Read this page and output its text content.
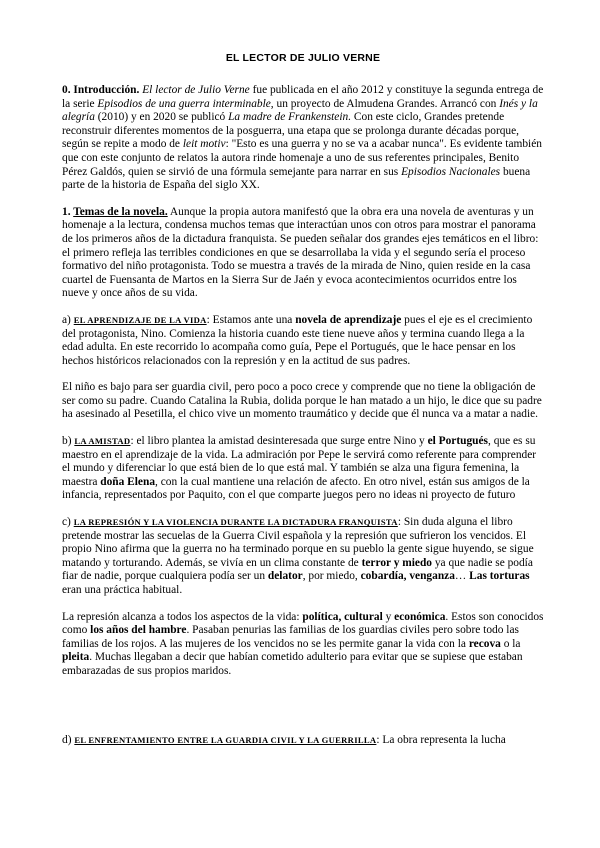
EL LECTOR DE JULIO VERNE

0. Introducción. El lector de Julio Verne fue publicada en el año 2012 y constituye la segunda entrega de la serie Episodios de una guerra interminable, un proyecto de Almudena Grandes. Arrancó con Inés y la alegría (2010) y en 2020 se publicó La madre de Frankenstein. Con este ciclo, Grandes pretende reconstruir diferentes momentos de la posguerra, una etapa que se prolonga durante décadas porque, según se repite a modo de leit motiv: "Esto es una guerra y no se va a acabar nunca". Es evidente también que con este conjunto de relatos la autora rinde homenaje a uno de sus referentes principales, Benito Pérez Galdós, quien se sirvió de una fórmula semejante para narrar en sus Episodios Nacionales buena parte de la historia de España del siglo XX.

1. Temas de la novela. Aunque la propia autora manifestó que la obra era una novela de aventuras y un homenaje a la lectura, condensa muchos temas que interactúan unos con otros para mostrar el panorama de los primeros años de la dictadura franquista. Se pueden señalar dos grandes ejes temáticos en el libro: el primero refleja las terribles condiciones en que se desarrollaba la vida y el segundo sería el proceso formativo del niño protagonista. Todo se muestra a través de la mirada de Nino, quien reside en la casa cuartel de Fuensanta de Martos en la Sierra Sur de Jaén y evoca acontecimientos ocurridos entre los nueve y once años de su vida.

a) EL APRENDIZAJE DE LA VIDA: Estamos ante una novela de aprendizaje pues el eje es el crecimiento del protagonista, Nino. Comienza la historia cuando este tiene nueve años y termina cuando llega a la edad adulta. En este recorrido lo acompaña como guía, Pepe el Portugués, que le hace pensar en los hechos históricos relacionados con la represión y en la actitud de sus padres.

El niño es bajo para ser guardia civil, pero poco a poco crece y comprende que no tiene la obligación de ser como su padre. Cuando Catalina la Rubia, dolida porque le han matado a un hijo, le dice que su padre ha asesinado al Pesetilla, el chico vive un momento traumático y decide que él nunca va a matar a nadie.

b) LA AMISTAD: el libro plantea la amistad desinteresada que surge entre Nino y el Portugués, que es su maestro en el aprendizaje de la vida. La admiración por Pepe le servirá como referente para comprender el mundo y diferenciar lo que está bien de lo que está mal. Y también se alza una figura femenina, la maestra doña Elena, con la cual mantiene una relación de afecto. En otro nivel, están sus amigos de la infancia, representados por Paquito, con el que comparte juegos pero no ideas ni proyecto de futuro

c) LA REPRESIÓN Y LA VIOLENCIA DURANTE LA DICTADURA FRANQUISTA: Sin duda alguna el libro pretende mostrar las secuelas de la Guerra Civil española y la represión que sufrieron los vencidos. El propio Nino afirma que la guerra no ha terminado porque en su pueblo la gente sigue huyendo, se sigue matando y torturando. Además, se vivía en un clima constante de terror y miedo ya que nadie se podía fiar de nadie, porque cualquiera podía ser un delator, por miedo, cobardía, venganza… Las torturas eran una práctica habitual.

La represión alcanza a todos los aspectos de la vida: política, cultural y económica. Estos son conocidos como los años del hambre. Pasaban penurias las familias de los guardias civiles pero sobre todo las familias de los rojos. A las mujeres de los vencidos no se les permite ganar la vida con la recova o la pleita. Muchas llegaban a decir que habían cometido adulterio para evitar que se supiese que estaban embarazadas de sus propios maridos.

d) EL ENFRENTAMIENTO ENTRE LA GUARDIA CIVIL Y LA GUERRILLA: La obra representa la lucha
